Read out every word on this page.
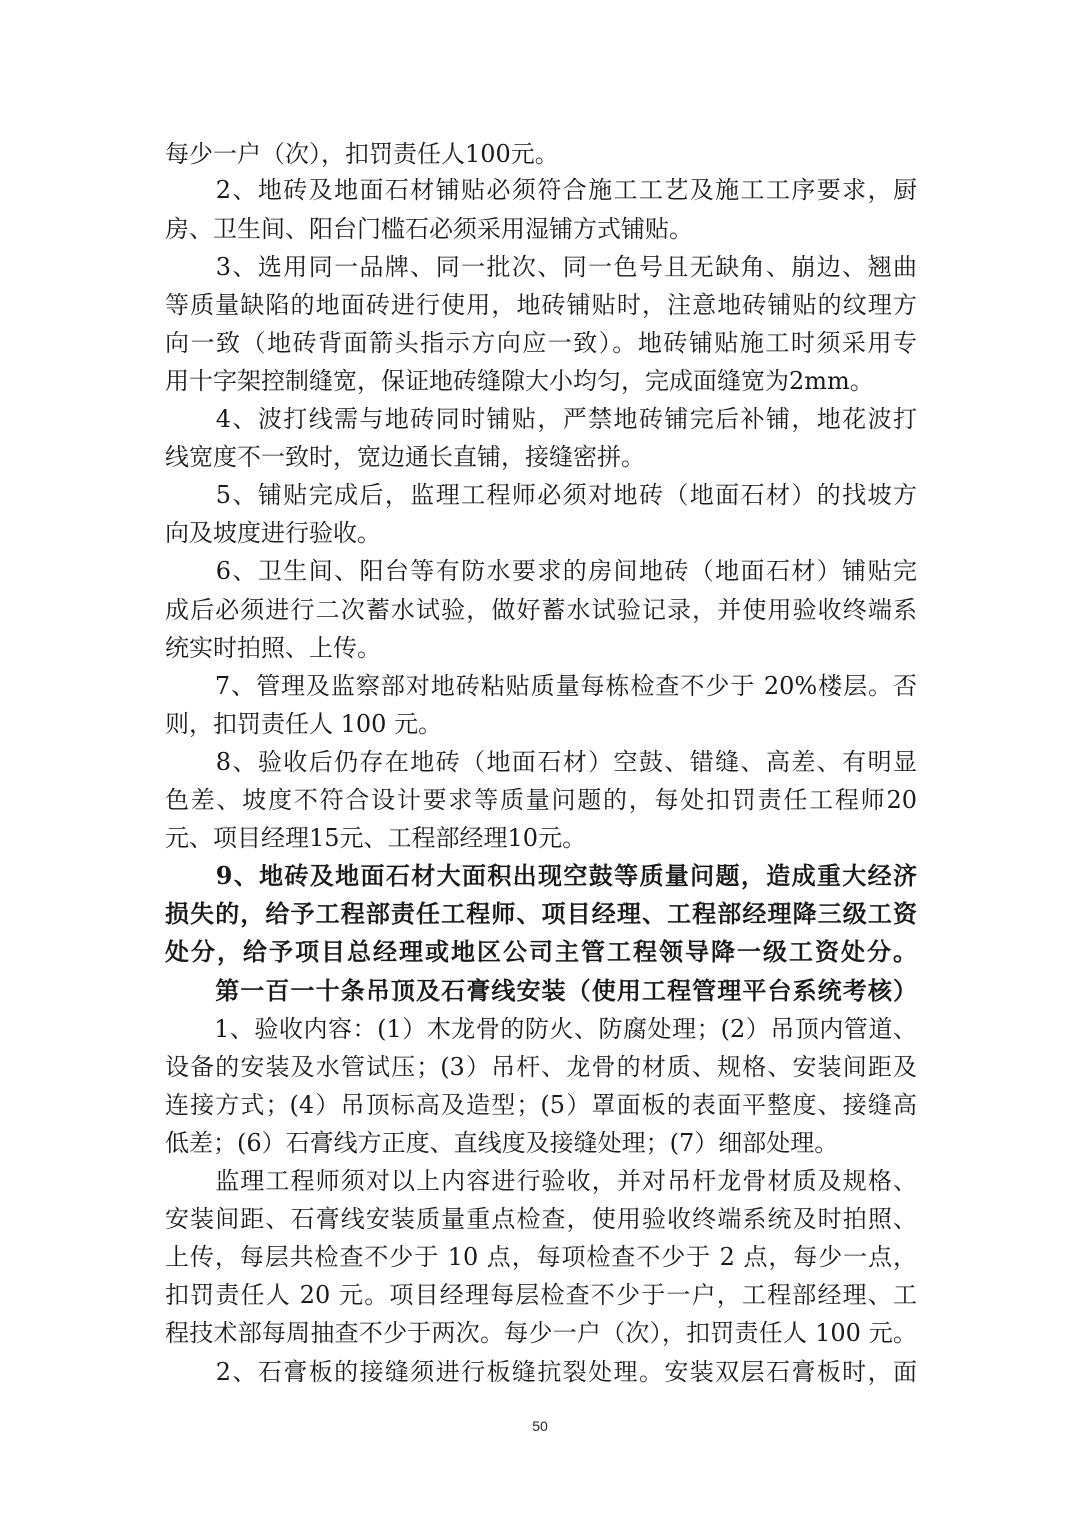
每少一户（次），扣罚责任人100元。
　　2、地砖及地面石材铺贴必须符合施工工艺及施工工序要求，厨
房、卫生间、阳台门槛石必须采用湿铺方式铺贴。
　　3、选用同一品牌、同一批次、同一色号且无缺角、崩边、翘曲
等质量缺陷的地面砖进行使用，地砖铺贴时，注意地砖铺贴的纹理方
向一致（地砖背面箭头指示方向应一致）。地砖铺贴施工时须采用专
用十字架控制缝宽，保证地砖缝隙大小均匀，完成面缝宽为2mm。
　　4、波打线需与地砖同时铺贴，严禁地砖铺完后补铺，地花波打
线宽度不一致时，宽边通长直铺，接缝密拼。
　　5、铺贴完成后，监理工程师必须对地砖（地面石材）的找坡方
向及坡度进行验收。
　　6、卫生间、阳台等有防水要求的房间地砖（地面石材）铺贴完
成后必须进行二次蓄水试验，做好蓄水试验记录，并使用验收终端系
统实时拍照、上传。
　　7、管理及监察部对地砖粘贴质量每栋检查不少于 20%楼层。否
则，扣罚责任人 100 元。
　　8、验收后仍存在地砖（地面石材）空鼓、错缝、高差、有明显
色差、坡度不符合设计要求等质量问题的，每处扣罚责任工程师20
元、项目经理15元、工程部经理10元。
　　9、地砖及地面石材大面积出现空鼓等质量问题，造成重大经济
损失的，给予工程部责任工程师、项目经理、工程部经理降三级工资
处分，给予项目总经理或地区公司主管工程领导降一级工资处分。
　　第一百一十条吊顶及石膏线安装（使用工程管理平台系统考核）
　　1、验收内容：(1）木龙骨的防火、防腐处理；(2）吊顶内管道、
设备的安装及水管试压；(3）吊杆、龙骨的材质、规格、安装间距及
连接方式；(4）吊顶标高及造型；(5）罩面板的表面平整度、接缝高
低差；(6）石膏线方正度、直线度及接缝处理；(7）细部处理。
　　监理工程师须对以上内容进行验收，并对吊杆龙骨材质及规格、
安装间距、石膏线安装质量重点检查，使用验收终端系统及时拍照、
上传，每层共检查不少于 10 点，每项检查不少于 2 点，每少一点，
扣罚责任人 20 元。项目经理每层检查不少于一户，工程部经理、工
程技术部每周抽查不少于两次。每少一户（次），扣罚责任人 100 元。
　　2、石膏板的接缝须进行板缝抗裂处理。安装双层石膏板时，面
50
